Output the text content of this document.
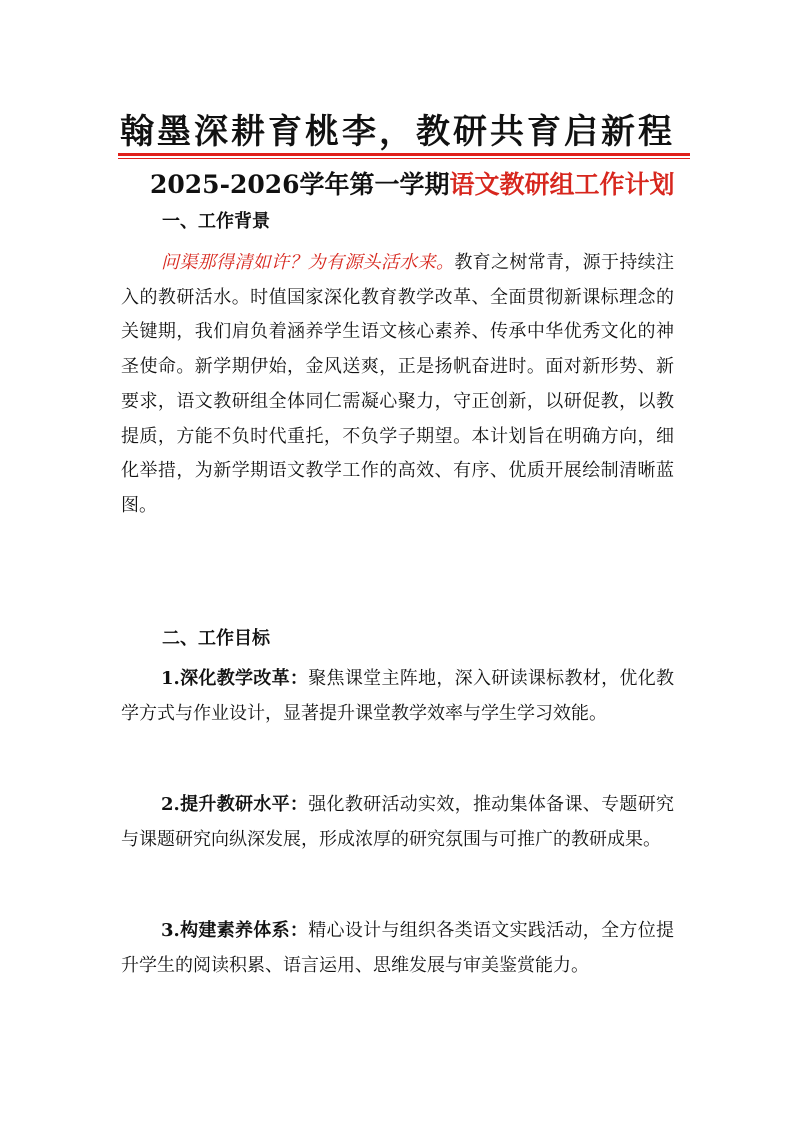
翰墨深耕育桃李，教研共育启新程
2025-2026学年第一学期语文教研组工作计划
一、工作背景

问渠那得清如许？为有源头活水来。教育之树常青，源于持续注入的教研活水。时值国家深化教育教学改革、全面贯彻新课标理念的关键期，我们肩负着涵养学生语文核心素养、传承中华优秀文化的神圣使命。新学期伊始，金风送爽，正是扬帆奋进时。面对新形势、新要求，语文教研组全体同仁需凝心聚力，守正创新，以研促教，以教提质，方能不负时代重托，不负学子期望。本计划旨在明确方向，细化举措，为新学期语文教学工作的高效、有序、优质开展绘制清晰蓝图。

二、工作目标

1.深化教学改革：聚焦课堂主阵地，深入研读课标教材，优化教学方式与作业设计，显著提升课堂教学效率与学生学习效能。

2.提升教研水平：强化教研活动实效，推动集体备课、专题研究与课题研究向纵深发展，形成浓厚的研究氛围与可推广的教研成果。

3.构建素养体系：精心设计与组织各类语文实践活动，全方位提升学生的阅读积累、语言运用、思维发展与审美鉴赏能力。
